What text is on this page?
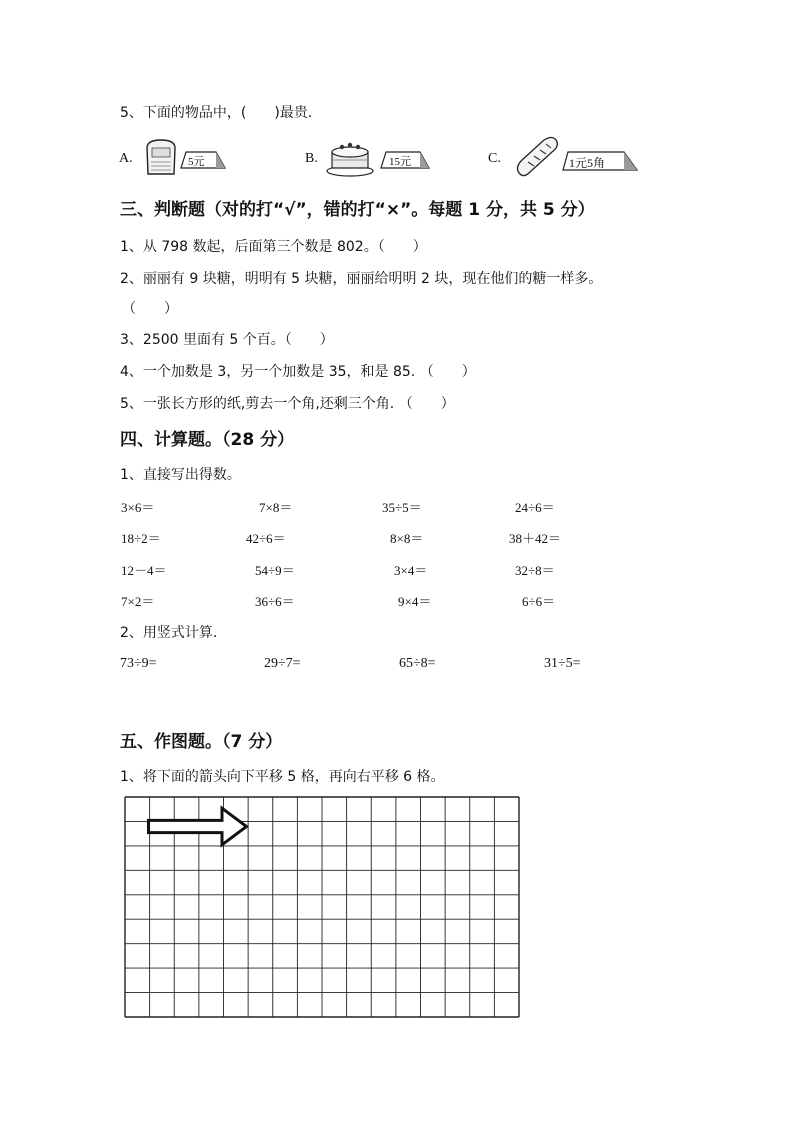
5、下面的物品中，(　　)最贵.
A.	5元	B.	15元	C.	1元5角
三、判断题（对的打“√”，错的打“×”。每题 1 分，共 5 分）
1、从 798 数起，后面第三个数是 802。（　　）
2、丽丽有 9 块糖，明明有 5 块糖，丽丽给明明 2 块，现在他们的糖一样多。
（　　）
3、2500 里面有 5 个百。（　　）
4、一个加数是 3，另一个加数是 35，和是 85. （　　）
5、一张长方形的纸,剪去一个角,还剩三个角. （　　）
四、计算题。（28 分）
1、直接写出得数。
3×6＝	7×8＝	35÷5＝	24÷6＝
18÷2＝	42÷6＝	8×8＝	38＋42＝
12－4＝	54÷9＝	3×4＝	32÷8＝
7×2＝	36÷6＝	9×4＝	6÷6＝
2、用竖式计算.
73÷9=	29÷7=	65÷8=	31÷5=
五、作图题。（7 分）
1、将下面的箭头向下平移 5 格，再向右平移 6 格。
